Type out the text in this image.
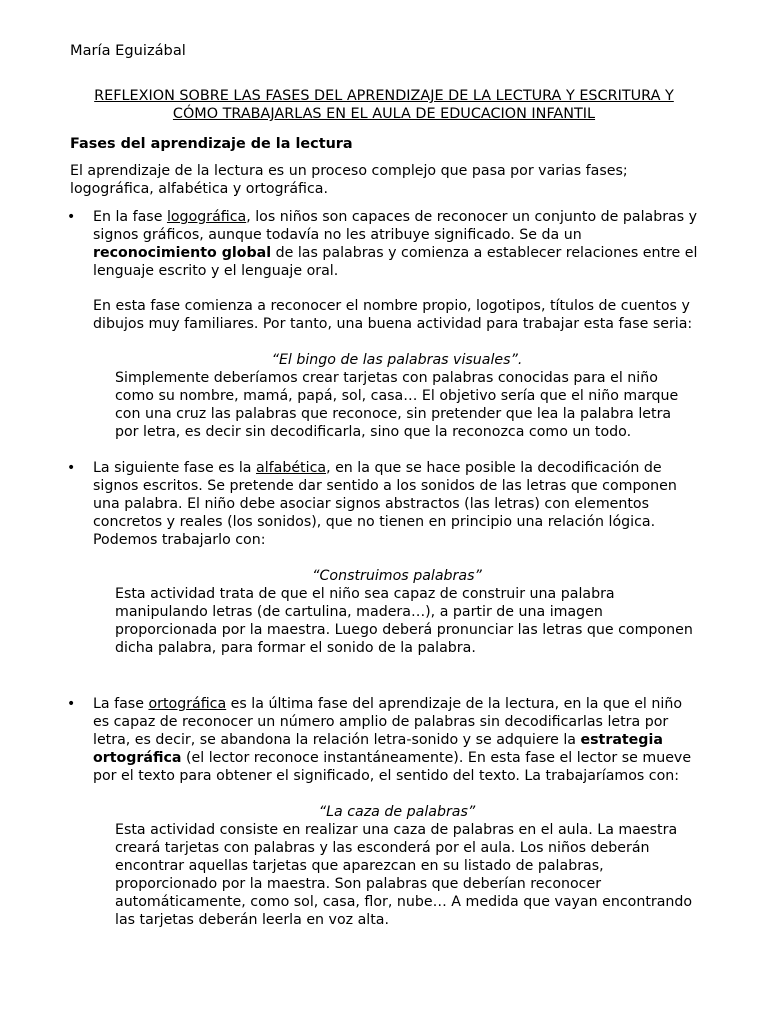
María Eguizábal
REFLEXION SOBRE LAS FASES DEL APRENDIZAJE DE LA LECTURA Y ESCRITURA Y
CÓMO TRABAJARLAS EN EL AULA DE EDUCACION INFANTIL
Fases del aprendizaje de la lectura
El aprendizaje de la lectura es un proceso complejo que pasa por varias fases;
logográfica, alfabética y ortográfica.
• En la fase logográfica, los niños son capaces de reconocer un conjunto de palabras y
signos gráficos, aunque todavía no les atribuye significado. Se da un
reconocimiento global de las palabras y comienza a establecer relaciones entre el
lenguaje escrito y el lenguaje oral.
En esta fase comienza a reconocer el nombre propio, logotipos, títulos de cuentos y
dibujos muy familiares. Por tanto, una buena actividad para trabajar esta fase seria:
“El bingo de las palabras visuales”.
Simplemente deberíamos crear tarjetas con palabras conocidas para el niño
como su nombre, mamá, papá, sol, casa… El objetivo sería que el niño marque
con una cruz las palabras que reconoce, sin pretender que lea la palabra letra
por letra, es decir sin decodificarla, sino que la reconozca como un todo.
• La siguiente fase es la alfabética, en la que se hace posible la decodificación de
signos escritos. Se pretende dar sentido a los sonidos de las letras que componen
una palabra. El niño debe asociar signos abstractos (las letras) con elementos
concretos y reales (los sonidos), que no tienen en principio una relación lógica.
Podemos trabajarlo con:
“Construimos palabras”
Esta actividad trata de que el niño sea capaz de construir una palabra
manipulando letras (de cartulina, madera…), a partir de una imagen
proporcionada por la maestra. Luego deberá pronunciar las letras que componen
dicha palabra, para formar el sonido de la palabra.
• La fase ortográfica es la última fase del aprendizaje de la lectura, en la que el niño
es capaz de reconocer un número amplio de palabras sin decodificarlas letra por
letra, es decir, se abandona la relación letra-sonido y se adquiere la estrategia
ortográfica (el lector reconoce instantáneamente). En esta fase el lector se mueve
por el texto para obtener el significado, el sentido del texto. La trabajaríamos con:
“La caza de palabras”
Esta actividad consiste en realizar una caza de palabras en el aula. La maestra
creará tarjetas con palabras y las esconderá por el aula. Los niños deberán
encontrar aquellas tarjetas que aparezcan en su listado de palabras,
proporcionado por la maestra. Son palabras que deberían reconocer
automáticamente, como sol, casa, flor, nube… A medida que vayan encontrando
las tarjetas deberán leerla en voz alta.
